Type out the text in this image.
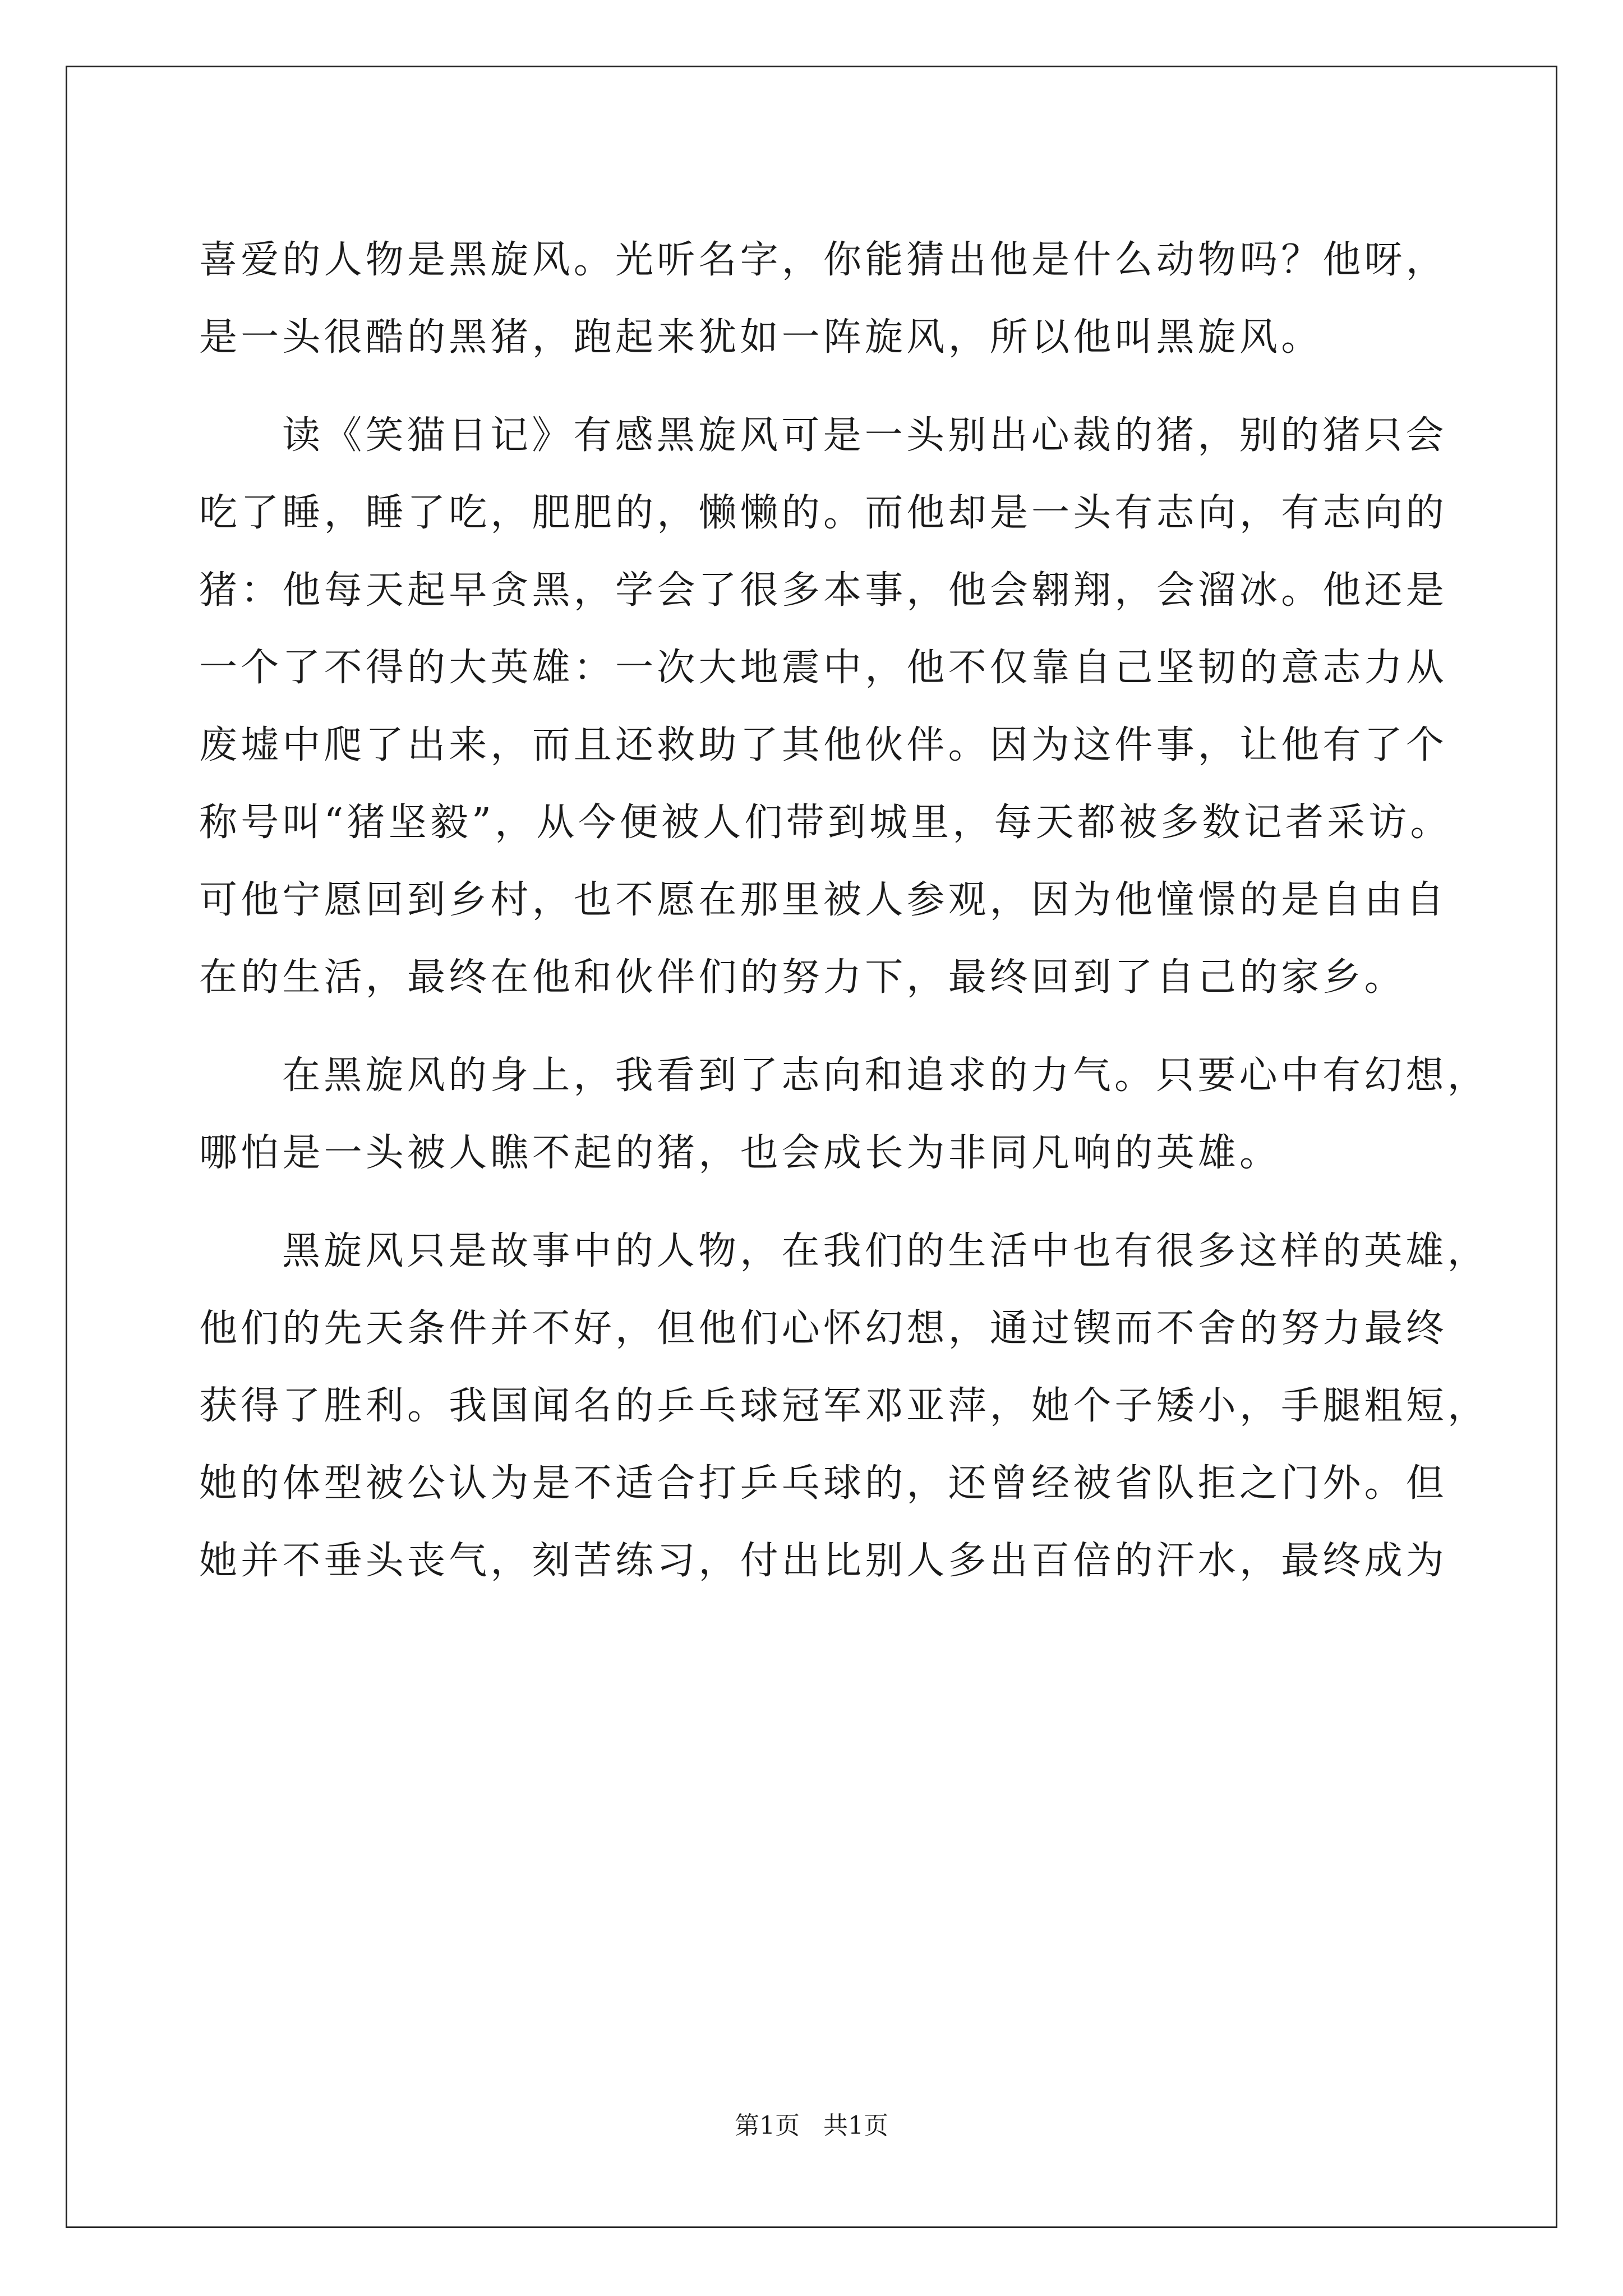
喜爱的人物是黑旋风。光听名字，你能猜出他是什么动物吗？他呀，
是一头很酷的黑猪，跑起来犹如一阵旋风，所以他叫黑旋风。
读《笑猫日记》有感黑旋风可是一头别出心裁的猪，别的猪只会
吃了睡，睡了吃，肥肥的，懒懒的。而他却是一头有志向，有志向的
猪：他每天起早贪黑，学会了很多本事，他会翱翔，会溜冰。他还是
一个了不得的大英雄：一次大地震中，他不仅靠自己坚韧的意志力从
废墟中爬了出来，而且还救助了其他伙伴。因为这件事，让他有了个
称号叫“猪坚毅”，从今便被人们带到城里，每天都被多数记者采访。
可他宁愿回到乡村，也不愿在那里被人参观，因为他憧憬的是自由自
在的生活，最终在他和伙伴们的努力下，最终回到了自己的家乡。
在黑旋风的身上，我看到了志向和追求的力气。只要心中有幻想，
哪怕是一头被人瞧不起的猪，也会成长为非同凡响的英雄。
黑旋风只是故事中的人物，在我们的生活中也有很多这样的英雄，
他们的先天条件并不好，但他们心怀幻想，通过锲而不舍的努力最终
获得了胜利。我国闻名的乒乓球冠军邓亚萍，她个子矮小，手腿粗短，
她的体型被公认为是不适合打乒乓球的，还曾经被省队拒之门外。但
她并不垂头丧气，刻苦练习，付出比别人多出百倍的汗水，最终成为
第1页 共1页
